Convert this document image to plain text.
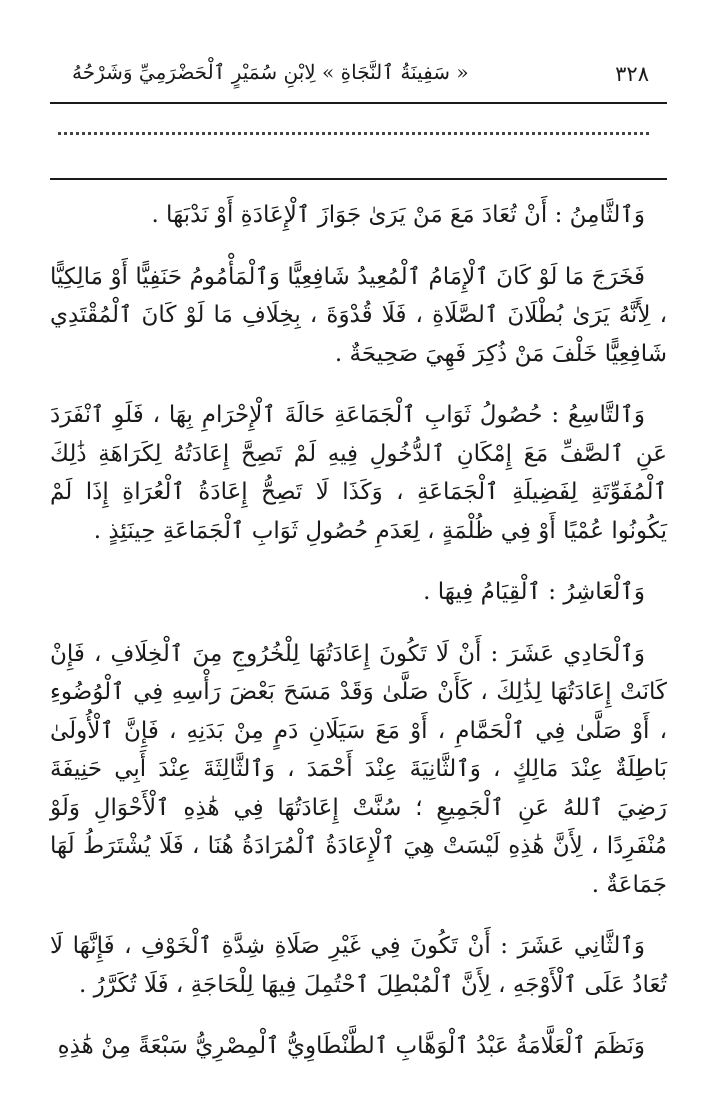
٣٢٨
« سَفِينَةُ ٱلنَّجَاةِ » لِابْنِ سُمَيْرٍ ٱلْحَضْرَمِيِّ وَشَرْحُهُ

وَٱلثَّامِنُ : أَنْ تُعَادَ مَعَ مَنْ يَرَىٰ جَوَازَ ٱلْإِعَادَةِ أَوْ نَدْبَهَا .

فَخَرَجَ مَا لَوْ كَانَ ٱلْإِمَامُ ٱلْمُعِيدُ شَافِعِيًّا وَٱلْمَأْمُومُ حَنَفِيًّا أَوْ مَالِكِيًّا ، لِأَنَّهُ يَرَىٰ بُطْلَانَ ٱلصَّلَاةِ ، فَلَا قُدْوَةَ ، بِخِلَافِ مَا لَوْ كَانَ ٱلْمُقْتَدِي شَافِعِيًّا خَلْفَ مَنْ ذُكِرَ فَهِيَ صَحِيحَةٌ .

وَٱلتَّاسِعُ : حُصُولُ ثَوَابِ ٱلْجَمَاعَةِ حَالَةَ ٱلْإِحْرَامِ بِهَا ، فَلَوِ ٱنْفَرَدَ عَنِ ٱلصَّفِّ مَعَ إِمْكَانِ ٱلدُّخُولِ فِيهِ لَمْ تَصِحَّ إِعَادَتُهُ لِكَرَاهَةِ ذَٰلِكَ ٱلْمُفَوِّتَةِ لِفَضِيلَةِ ٱلْجَمَاعَةِ ، وَكَذَا لَا تَصِحُّ إِعَادَةُ ٱلْعُرَاةِ إِذَا لَمْ يَكُونُوا عُمْيًا أَوْ فِي ظُلْمَةٍ ، لِعَدَمِ حُصُولِ ثَوَابِ ٱلْجَمَاعَةِ حِينَئِذٍ .

وَٱلْعَاشِرُ : ٱلْقِيَامُ فِيهَا .

وَٱلْحَادِي عَشَرَ : أَنْ لَا تَكُونَ إِعَادَتُهَا لِلْخُرُوجِ مِنَ ٱلْخِلَافِ ، فَإِنْ كَانَتْ إِعَادَتُهَا لِذَٰلِكَ ، كَأَنْ صَلَّىٰ وَقَدْ مَسَحَ بَعْضَ رَأْسِهِ فِي ٱلْوُضُوءِ ، أَوْ صَلَّىٰ فِي ٱلْحَمَّامِ ، أَوْ مَعَ سَيَلَانِ دَمٍ مِنْ بَدَنِهِ ، فَإِنَّ ٱلْأُولَىٰ بَاطِلَةٌ عِنْدَ مَالِكٍ ، وَٱلثَّانِيَةَ عِنْدَ أَحْمَدَ ، وَٱلثَّالِثَةَ عِنْدَ أَبِي حَنِيفَةَ رَضِيَ ٱللهُ عَنِ ٱلْجَمِيعِ ؛ سُنَّتْ إِعَادَتُهَا فِي هَٰذِهِ ٱلْأَحْوَالِ وَلَوْ مُنْفَرِدًا ، لِأَنَّ هَٰذِهِ لَيْسَتْ هِيَ ٱلْإِعَادَةُ ٱلْمُرَادَةُ هُنَا ، فَلَا يُشْتَرَطُ لَهَا جَمَاعَةٌ .

وَٱلثَّانِي عَشَرَ : أَنْ تَكُونَ فِي غَيْرِ صَلَاةِ شِدَّةِ ٱلْخَوْفِ ، فَإِنَّهَا لَا تُعَادُ عَلَى ٱلْأَوْجَهِ ، لِأَنَّ ٱلْمُبْطِلَ ٱحْتُمِلَ فِيهَا لِلْحَاجَةِ ، فَلَا تُكَرَّرُ .

وَنَظَمَ ٱلْعَلَّامَةُ عَبْدُ ٱلْوَهَّابِ ٱلطَّنْطَاوِيُّ ٱلْمِصْرِيُّ سَبْعَةً مِنْ هَٰذِهِ
